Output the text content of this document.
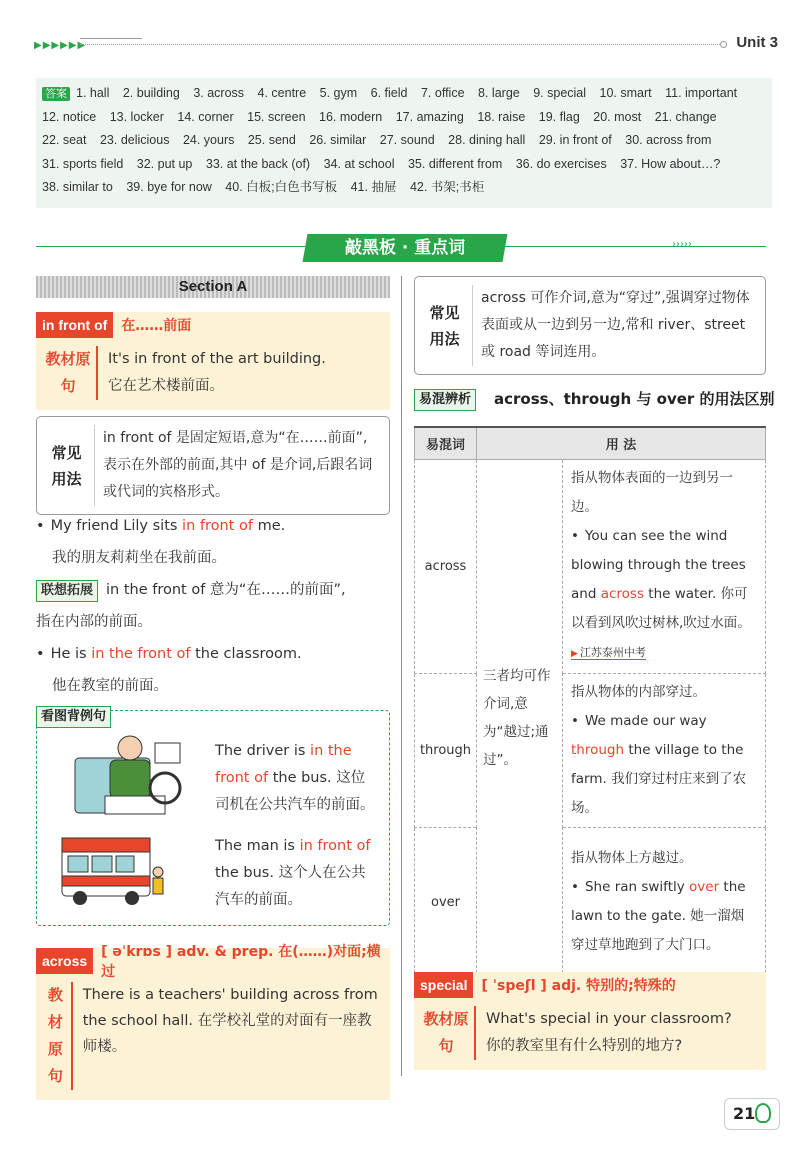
▶▶▶▶▶▶	Unit 3
答案 1. hall 2. building 3. across 4. centre 5. gym 6. field 7. office 8. large 9. special 10. smart 11. important 12. notice 13. locker 14. corner 15. screen 16. modern 17. amazing 18. raise 19. flag 20. most 21. change 22. seat 23. delicious 24. yours 25. send 26. similar 27. sound 28. dining hall 29. in front of 30. across from 31. sports field 32. put up 33. at the back (of) 34. at school 35. different from 36. do exercises 37. How about…? 38. similar to 39. bye for now 40. 白板;白色书写板 41. 抽屉 42. 书架;书柜
敲黑板 · 重点词	›››››
Section A
in front of	在……前面
教材原句
It's in front of the art building.
它在艺术楼前面。
常见用法
in front of 是固定短语,意为“在……前面”,表示在外部的前面,其中 of 是介词,后跟名词或代词的宾格形式。
• My friend Lily sits in front of me.
我的朋友莉莉坐在我前面。
联想拓展 in the front of 意为“在……的前面”,
指在内部的前面。
• He is in the front of the classroom.
他在教室的前面。
看图背例句
The driver is in the front of the bus. 这位司机在公共汽车的前面。
The man is in front of the bus. 这个人在公共汽车的前面。
across
[ əˈkrɒs ] adv. & prep. 在(……)对面;横过
教材原句
There is a teachers' building across from the school hall. 在学校礼堂的对面有一座教师楼。
常见用法
across 可作介词,意为“穿过”,强调穿过物体表面或从一边到另一边,常和 river、street 或 road 等词连用。
易混辨析	across、through 与 over 的用法区别
易混词	用 法	
across	三者均可作介词,意为“越过;通过”。	指从物体表面的一边到另一边。
• You can see the wind blowing through the trees and across the water. 你可以看到风吹过树林,吹过水面。▶ 江苏泰州中考

through		指从物体的内部穿过。
• We made our way through the village to the farm. 我们穿过村庄来到了农场。

over		指从物体上方越过。
• She ran swiftly over the lawn to the gate. 她一溜烟穿过草地跑到了大门口。
special	[ ˈspeʃl ] adj. 特别的;特殊的
教材原句
What's special in your classroom?
你的教室里有什么特别的地方?
21
